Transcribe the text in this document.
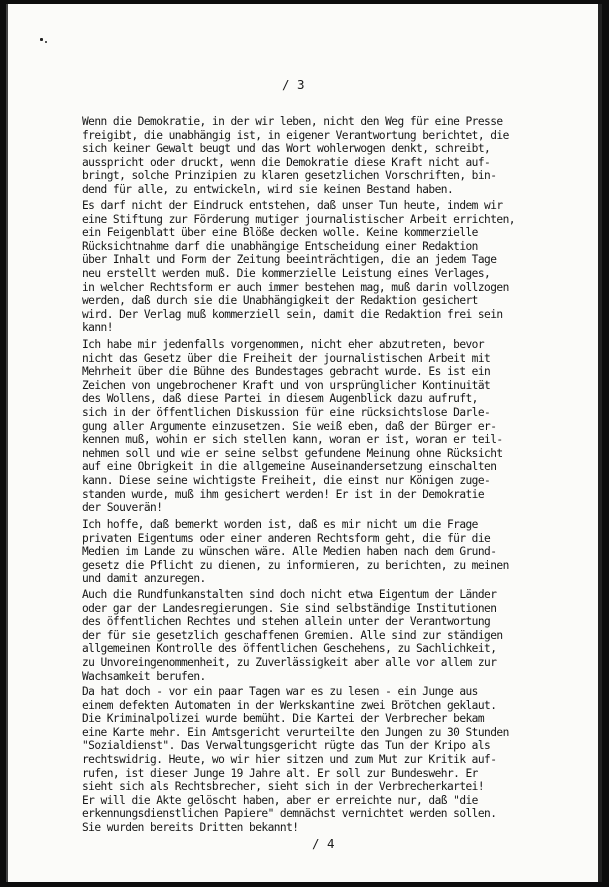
/ 3
Wenn die Demokratie, in der wir leben, nicht den Weg für eine Presse
freigibt, die unabhängig ist, in eigener Verantwortung berichtet, die
sich keiner Gewalt beugt und das Wort wohlerwogen denkt, schreibt,
ausspricht oder druckt, wenn die Demokratie diese Kraft nicht auf-
bringt, solche Prinzipien zu klaren gesetzlichen Vorschriften, bin-
dend für alle, zu entwickeln, wird sie keinen Bestand haben.
Es darf nicht der Eindruck entstehen, daß unser Tun heute, indem wir
eine Stiftung zur Förderung mutiger journalistischer Arbeit errichten,
ein Feigenblatt über eine Blöße decken wolle. Keine kommerzielle
Rücksichtnahme darf die unabhängige Entscheidung einer Redaktion
über Inhalt und Form der Zeitung beeinträchtigen, die an jedem Tage
neu erstellt werden muß. Die kommerzielle Leistung eines Verlages,
in welcher Rechtsform er auch immer bestehen mag, muß darin vollzogen
werden, daß durch sie die Unabhängigkeit der Redaktion gesichert
wird. Der Verlag muß kommerziell sein, damit die Redaktion frei sein
kann!
Ich habe mir jedenfalls vorgenommen, nicht eher abzutreten, bevor
nicht das Gesetz über die Freiheit der journalistischen Arbeit mit
Mehrheit über die Bühne des Bundestages gebracht wurde. Es ist ein
Zeichen von ungebrochener Kraft und von ursprünglicher Kontinuität
des Wollens, daß diese Partei in diesem Augenblick dazu aufruft,
sich in der öffentlichen Diskussion für eine rücksichtslose Darle-
gung aller Argumente einzusetzen. Sie weiß eben, daß der Bürger er-
kennen muß, wohin er sich stellen kann, woran er ist, woran er teil-
nehmen soll und wie er seine selbst gefundene Meinung ohne Rücksicht
auf eine Obrigkeit in die allgemeine Auseinandersetzung einschalten
kann. Diese seine wichtigste Freiheit, die einst nur Königen zuge-
standen wurde, muß ihm gesichert werden! Er ist in der Demokratie
der Souverän!
Ich hoffe, daß bemerkt worden ist, daß es mir nicht um die Frage
privaten Eigentums oder einer anderen Rechtsform geht, die für die
Medien im Lande zu wünschen wäre. Alle Medien haben nach dem Grund-
gesetz die Pflicht zu dienen, zu informieren, zu berichten, zu meinen
und damit anzuregen.
Auch die Rundfunkanstalten sind doch nicht etwa Eigentum der Länder
oder gar der Landesregierungen. Sie sind selbständige Institutionen
des öffentlichen Rechtes und stehen allein unter der Verantwortung
der für sie gesetzlich geschaffenen Gremien. Alle sind zur ständigen
allgemeinen Kontrolle des öffentlichen Geschehens, zu Sachlichkeit,
zu Unvoreingenommenheit, zu Zuverlässigkeit aber alle vor allem zur
Wachsamkeit berufen.
Da hat doch - vor ein paar Tagen war es zu lesen - ein Junge aus
einem defekten Automaten in der Werkskantine zwei Brötchen geklaut.
Die Kriminalpolizei wurde bemüht. Die Kartei der Verbrecher bekam
eine Karte mehr. Ein Amtsgericht verurteilte den Jungen zu 30 Stunden
"Sozialdienst". Das Verwaltungsgericht rügte das Tun der Kripo als
rechtswidrig. Heute, wo wir hier sitzen und zum Mut zur Kritik auf-
rufen, ist dieser Junge 19 Jahre alt. Er soll zur Bundeswehr. Er
sieht sich als Rechtsbrecher, sieht sich in der Verbrecherkartei!
Er will die Akte gelöscht haben, aber er erreichte nur, daß "die
erkennungsdienstlichen Papiere" demnächst vernichtet werden sollen.
Sie wurden bereits Dritten bekannt!
/ 4
